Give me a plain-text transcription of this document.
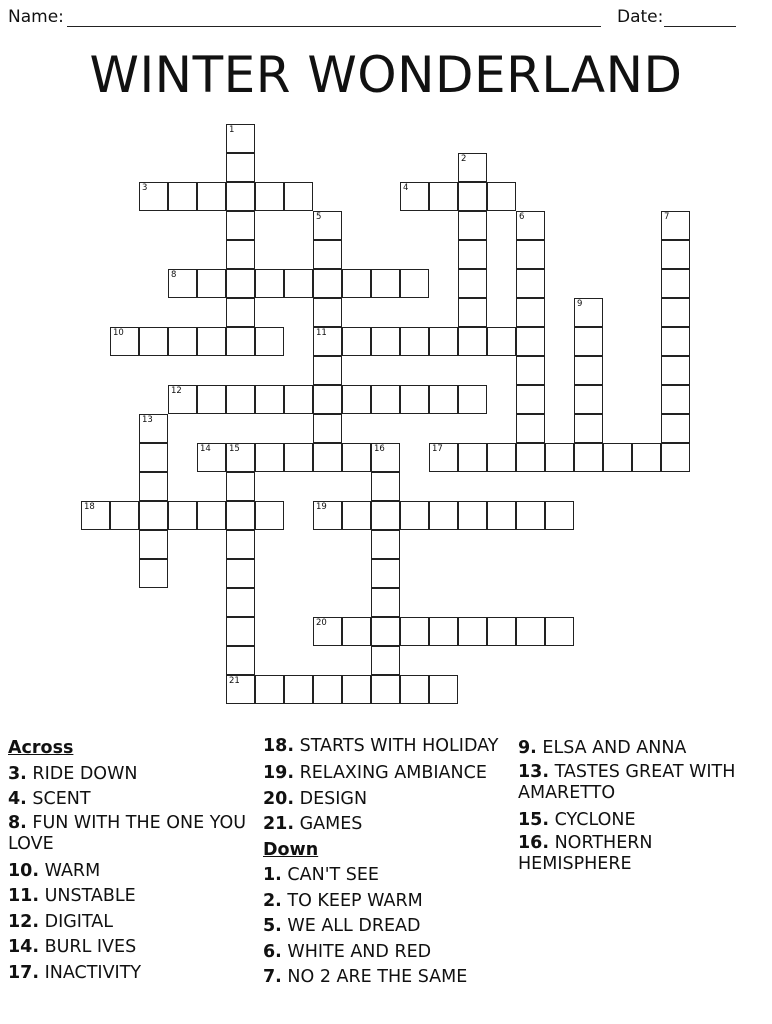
Name:	Date:
WINTER WONDERLAND
1
2
3	4
5
11
6	7
8
9
10
12
13
14 15
21
16	17
18	19
20
Across
3. RIDE DOWN
4. SCENT
8. FUN WITH THE ONE YOU LOVE
10. WARM
11. UNSTABLE
12. DIGITAL
14. BURL IVES
17. INACTIVITY
18. STARTS WITH HOLIDAY
19. RELAXING AMBIANCE
20. DESIGN
21. GAMES
Down
1. CAN'T SEE
2. TO KEEP WARM
5. WE ALL DREAD
6. WHITE AND RED
7. NO 2 ARE THE SAME
9. ELSA AND ANNA
13. TASTES GREAT WITH AMARETTO
15. CYCLONE
16. NORTHERN HEMISPHERE
